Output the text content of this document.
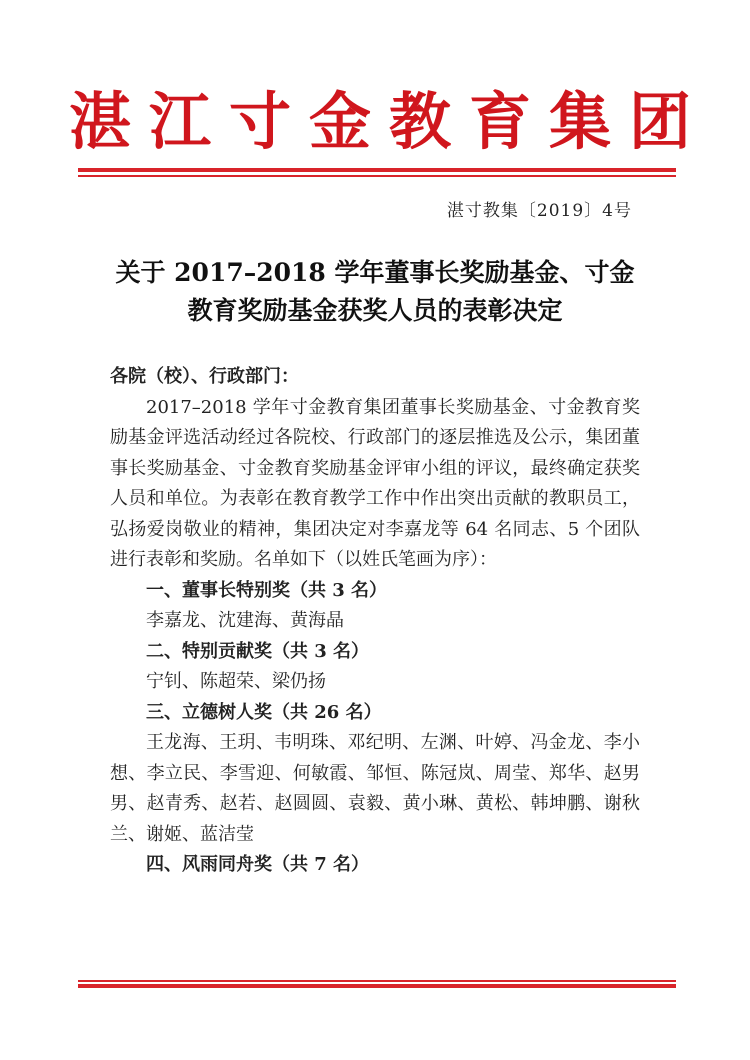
湛江寸金教育集团
湛寸教集〔2019〕4号
关于 2017–2018 学年董事长奖励基金、寸金
教育奖励基金获奖人员的表彰决定
各院（校）、行政部门：
2017–2018 学年寸金教育集团董事长奖励基金、寸金教育奖励基金评选活动经过各院校、行政部门的逐层推选及公示，集团董事长奖励基金、寸金教育奖励基金评审小组的评议，最终确定获奖人员和单位。为表彰在教育教学工作中作出突出贡献的教职员工，弘扬爱岗敬业的精神，集团决定对李嘉龙等 64 名同志、5 个团队进行表彰和奖励。名单如下（以姓氏笔画为序）：
一、董事长特别奖（共 3 名）
李嘉龙、沈建海、黄海晶
二、特别贡献奖（共 3 名）
宁钊、陈超荣、梁仍扬
三、立德树人奖（共 26 名）
王龙海、王玥、韦明珠、邓纪明、左渊、叶婷、冯金龙、李小想、李立民、李雪迎、何敏霞、邹恒、陈冠岚、周莹、郑华、赵男男、赵青秀、赵若、赵圆圆、袁毅、黄小琳、黄松、韩坤鹏、谢秋兰、谢姬、蓝洁莹
四、风雨同舟奖（共 7 名）
